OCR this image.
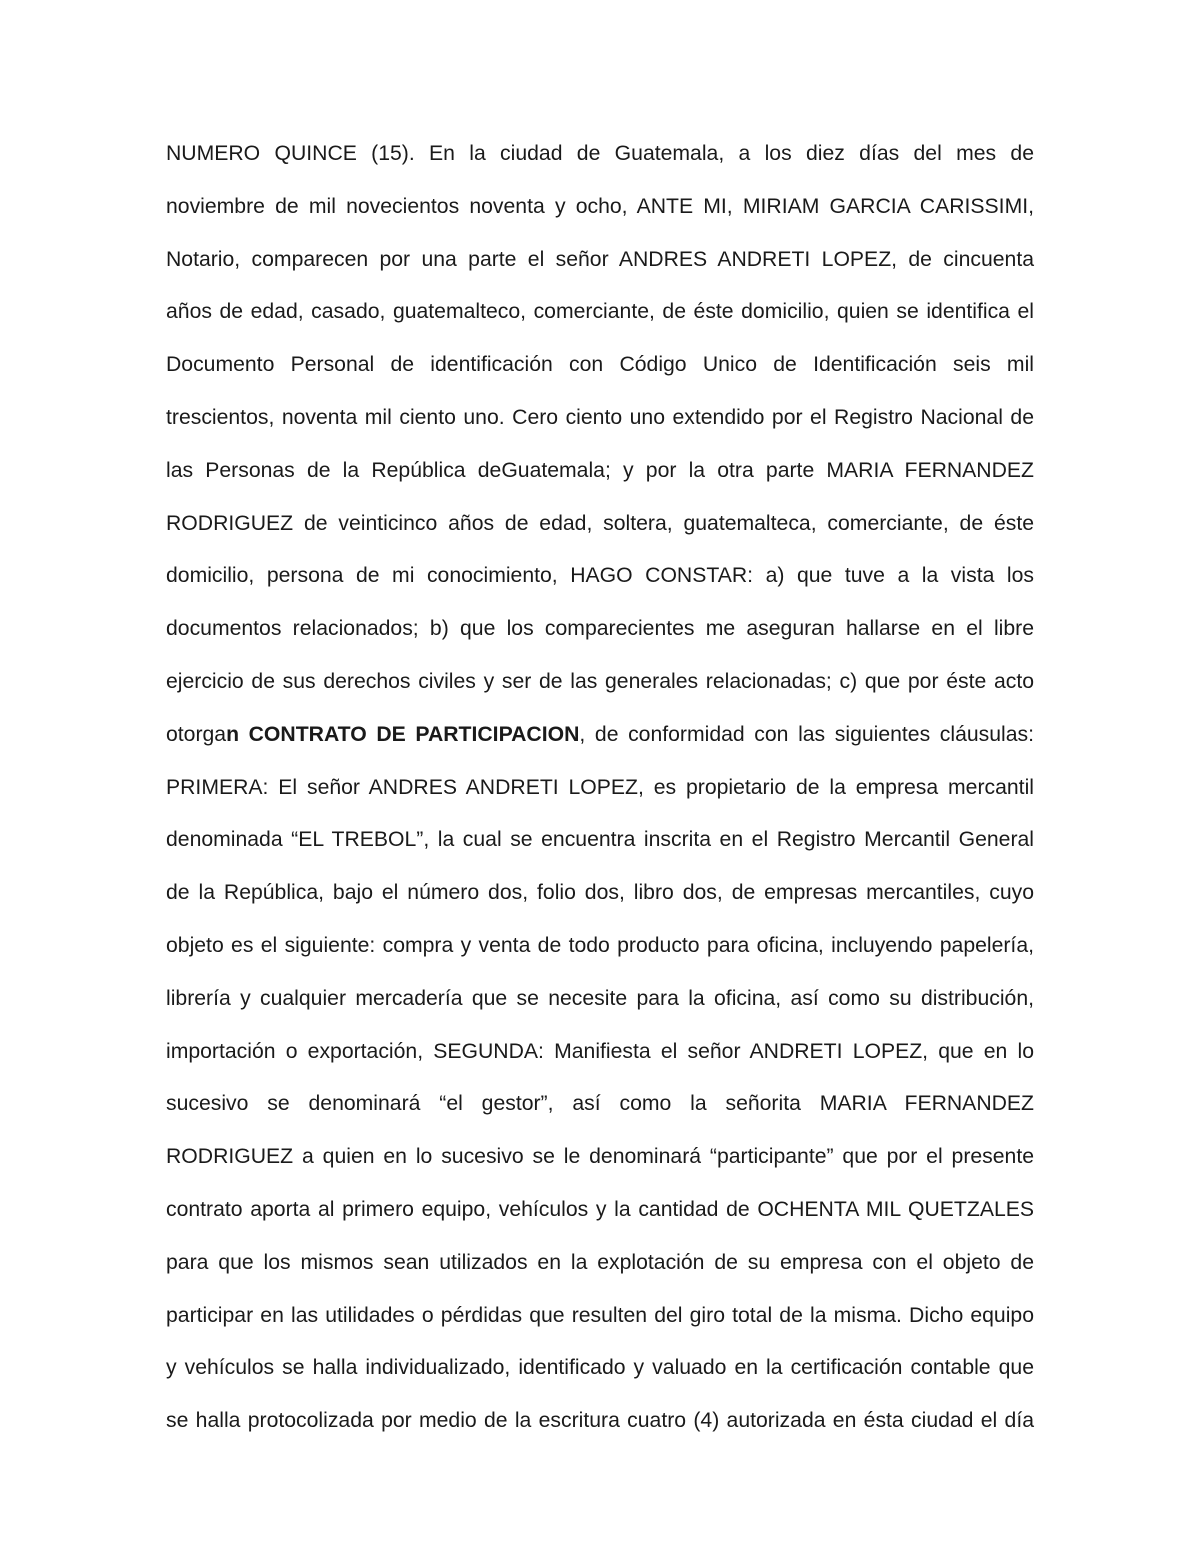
NUMERO QUINCE (15). En la ciudad de Guatemala, a los diez días del mes de
noviembre de mil novecientos noventa y ocho, ANTE MI, MIRIAM GARCIA CARISSIMI,
Notario, comparecen por una parte el señor ANDRES ANDRETI LOPEZ, de cincuenta
años de edad, casado, guatemalteco, comerciante, de éste domicilio, quien se identifica el
Documento Personal de identificación con Código Unico de Identificación seis mil
trescientos, noventa mil ciento uno. Cero ciento uno extendido por el Registro Nacional de
las Personas de la República deGuatemala; y por la otra parte MARIA FERNANDEZ
RODRIGUEZ de veinticinco años de edad, soltera, guatemalteca, comerciante, de éste
domicilio, persona de mi conocimiento, HAGO CONSTAR: a) que tuve a la vista los
documentos relacionados; b) que los comparecientes me aseguran hallarse en el libre
ejercicio de sus derechos civiles y ser de las generales relacionadas; c) que por éste acto
otorgan CONTRATO DE PARTICIPACION, de conformidad con las siguientes cláusulas:
PRIMERA: El señor ANDRES ANDRETI LOPEZ, es propietario de la empresa mercantil
denominada “EL TREBOL”, la cual se encuentra inscrita en el Registro Mercantil General
de la República, bajo el número dos, folio dos, libro dos, de empresas mercantiles, cuyo
objeto es el siguiente: compra y venta de todo producto para oficina, incluyendo papelería,
librería y cualquier mercadería que se necesite para la oficina, así como su distribución,
importación o exportación, SEGUNDA: Manifiesta el señor ANDRETI LOPEZ, que en lo
sucesivo se denominará “el gestor”, así como la señorita MARIA FERNANDEZ
RODRIGUEZ a quien en lo sucesivo se le denominará “participante” que por el presente
contrato aporta al primero equipo, vehículos y la cantidad de OCHENTA MIL QUETZALES
para que los mismos sean utilizados en la explotación de su empresa con el objeto de
participar en las utilidades o pérdidas que resulten del giro total de la misma. Dicho equipo
y vehículos se halla individualizado, identificado y valuado en la certificación contable que
se halla protocolizada por medio de la escritura cuatro (4) autorizada en ésta ciudad el día
